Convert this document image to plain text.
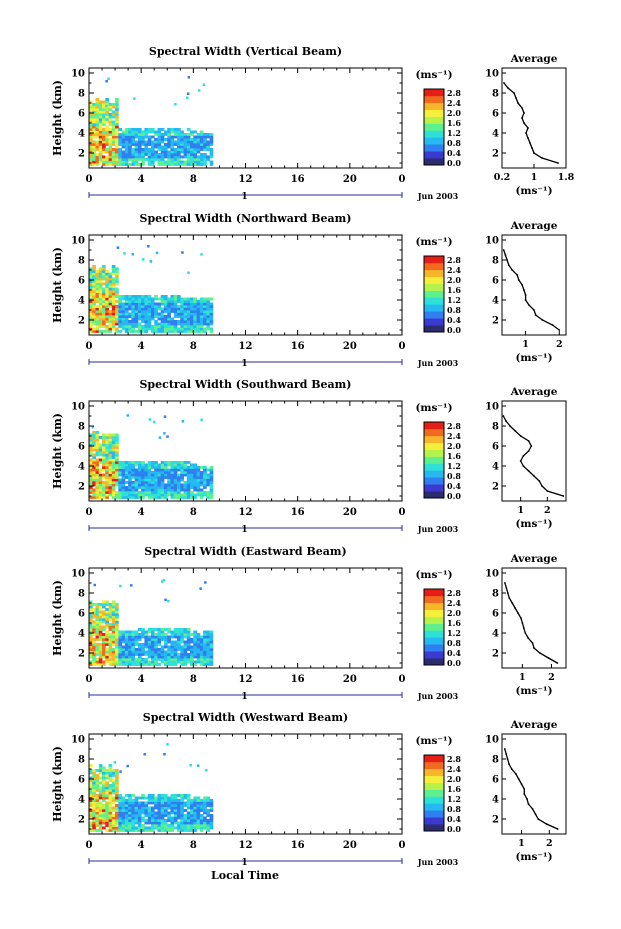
Spectral Width (Vertical Beam)
0	4	8	12	16	20	0
2
4
6
8
10
Height (km)
1	Jun 2003
(ms⁻¹)
2.8
2.4
2.0
1.6
1.2
0.8
0.4
0.0
Average
2
4
6
8
10
0.2 1 1.8
(ms⁻¹)
Spectral Width (Northward Beam)
0	4	8	12	16	20	0
2
4
6
8
10
Height (km)
1	Jun 2003
(ms⁻¹)
2.8
2.4
2.0
1.6
1.2
0.8
0.4
0.0
Average
2
4
6
8
10
1	2
(ms⁻¹)
Spectral Width (Southward Beam)
0	4	8	12	16	20	0
2
4
6
8
10
Height (km)
1	Jun 2003
(ms⁻¹)
2.8
2.4
2.0
1.6
1.2
0.8
0.4
0.0
Average
2
4
6
8
10
1 2
(ms⁻¹)
Spectral Width (Eastward Beam)
0	4	8	12	16	20	0
2
4
6
8
10
Height (km)
1	Jun 2003
(ms⁻¹)
2.8
2.4
2.0
1.6
1.2
0.8
0.4
0.0
Average
2
4
6
8
10
1 2
(ms⁻¹)
Spectral Width (Westward Beam)
0	4	8	12	16	20	0
2
4
6
8
10
Height (km)
1	Jun 2003
(ms⁻¹)
2.8
2.4
2.0
1.6
1.2
0.8
0.4
0.0
Average
2
4
6
8
10
1 2
(ms⁻¹)
Local Time
